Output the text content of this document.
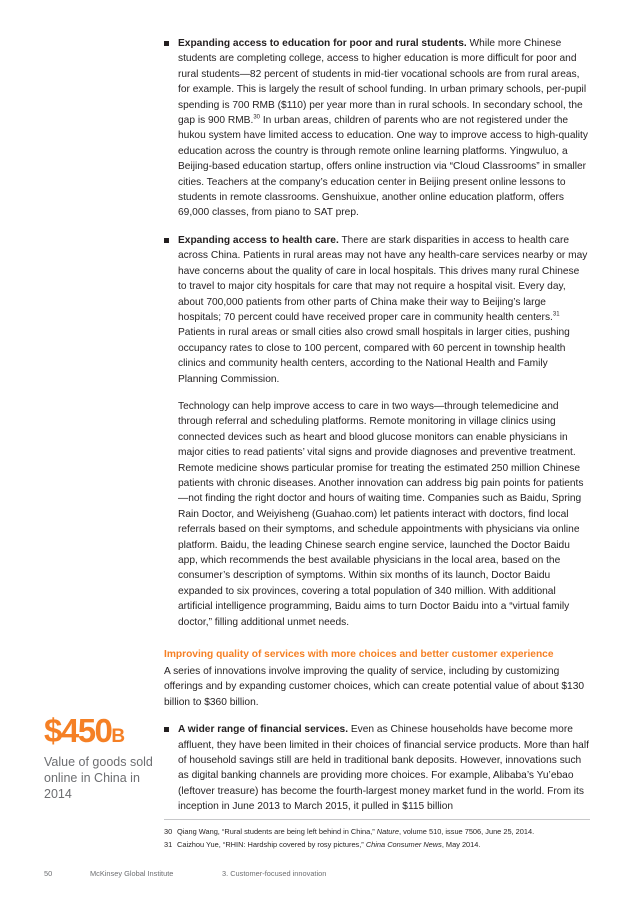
Expanding access to education for poor and rural students. While more Chinese students are completing college, access to higher education is more difficult for poor and rural students—82 percent of students in mid-tier vocational schools are from rural areas, for example. This is largely the result of school funding. In urban primary schools, per-pupil spending is 700 RMB ($110) per year more than in rural schools. In secondary school, the gap is 900 RMB.$^{30}$ In urban areas, children of parents who are not registered under the hukou system have limited access to education. One way to improve access to high-quality education across the country is through remote online learning platforms. Yingwuluo, a Beijing-based education startup, offers online instruction via “Cloud Classrooms” in smaller cities. Teachers at the company’s education center in Beijing present online lessons to students in remote classrooms. Genshuixue, another online education platform, offers 69,000 classes, from piano to SAT prep.

Expanding access to health care. There are stark disparities in access to health care across China. Patients in rural areas may not have any health-care services nearby or may have concerns about the quality of care in local hospitals. This drives many rural Chinese to travel to major city hospitals for care that may not require a hospital visit. Every day, about 700,000 patients from other parts of China make their way to Beijing’s large hospitals; 70 percent could have received proper care in community health centers.$^{31}$ Patients in rural areas or small cities also crowd small hospitals in larger cities, pushing occupancy rates to close to 100 percent, compared with 60 percent in township health clinics and community health centers, according to the National Health and Family Planning Commission.

Technology can help improve access to care in two ways—through telemedicine and through referral and scheduling platforms. Remote monitoring in village clinics using connected devices such as heart and blood glucose monitors can enable physicians in major cities to read patients’ vital signs and provide diagnoses and preventive treatment. Remote medicine shows particular promise for treating the estimated 250 million Chinese patients with chronic diseases. Another innovation can address big pain points for patients—not finding the right doctor and hours of waiting time. Companies such as Baidu, Spring Rain Doctor, and Weiyisheng (Guahao.com) let patients interact with doctors, find local referrals based on their symptoms, and schedule appointments with physicians via online platform. Baidu, the leading Chinese search engine service, launched the Doctor Baidu app, which recommends the best available physicians in the local area, based on the consumer’s description of symptoms. Within six months of its launch, Doctor Baidu expanded to six provinces, covering a total population of 340 million. With additional artificial intelligence programming, Baidu aims to turn Doctor Baidu into a “virtual family doctor,” filling additional unmet needs.

Improving quality of services with more choices and better customer experience

A series of innovations involve improving the quality of service, including by customizing offerings and by expanding customer choices, which can create potential value of about $130 billion to $360 billion.

A wider range of financial services. Even as Chinese households have become more affluent, they have been limited in their choices of financial service products. More than half of household savings still are held in traditional bank deposits. However, innovations such as digital banking channels are providing more choices. For example, Alibaba’s Yu’ebao (leftover treasure) has become the fourth-largest money market fund in the world. From its inception in June 2013 to March 2015, it pulled in $115 billion

$450B
Value of goods sold online in China in 2014
30 Qiang Wang, “Rural students are being left behind in China,” Nature, volume 510, issue 7506, June 25, 2014.
31 Caizhou Yue, “RHIN: Hardship covered by rosy pictures,” China Consumer News, May 2014.
50	McKinsey Global Institute	3. Customer-focused innovation
